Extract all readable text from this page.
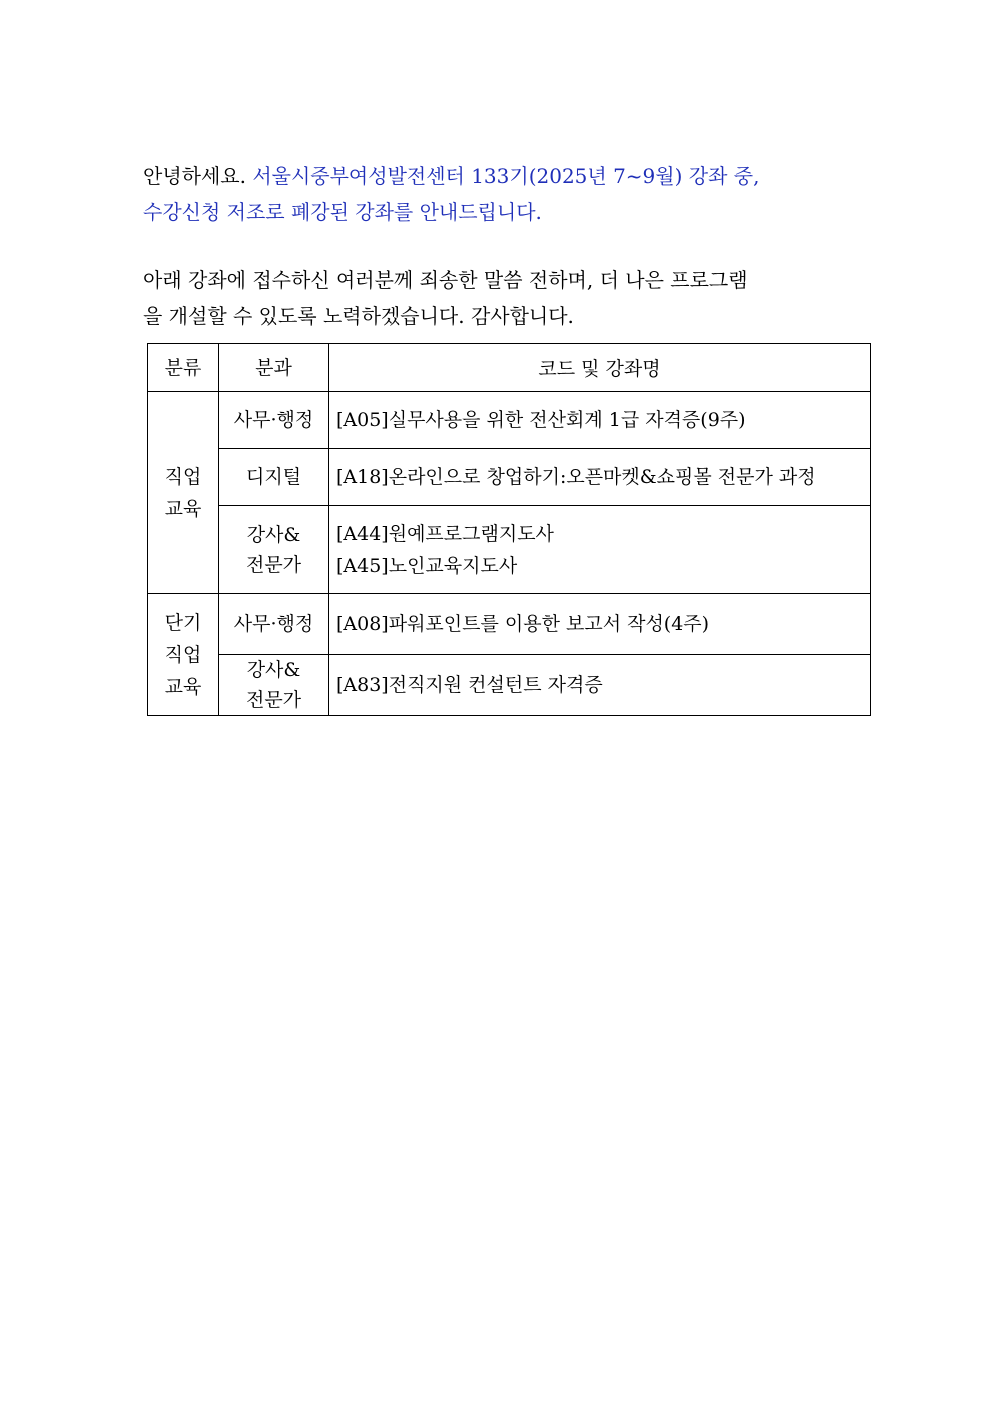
안녕하세요. 서울시중부여성발전센터 133기(2025년 7~9월) 강좌 중,
수강신청 저조로 폐강된 강좌를 안내드립니다.
아래 강좌에 접수하신 여러분께 죄송한 말씀 전하며, 더 나은 프로그램
을 개설할 수 있도록 노력하겠습니다. 감사합니다.
분류	분과	코드 및 강좌명

직업
교육	사무·행정	[A05]실무사용을 위한 전산회계 1급 자격증(9주)

	디지털	[A18]온라인으로 창업하기:오픈마켓&쇼핑몰 전문가 과정

	강사&
전문가	[A44]원예프로그램지도사
[A45]노인교육지도사

단기
직업
교육	사무·행정	[A08]파워포인트를 이용한 보고서 작성(4주)

	강사&
전문가	[A83]전직지원 컨설턴트 자격증
